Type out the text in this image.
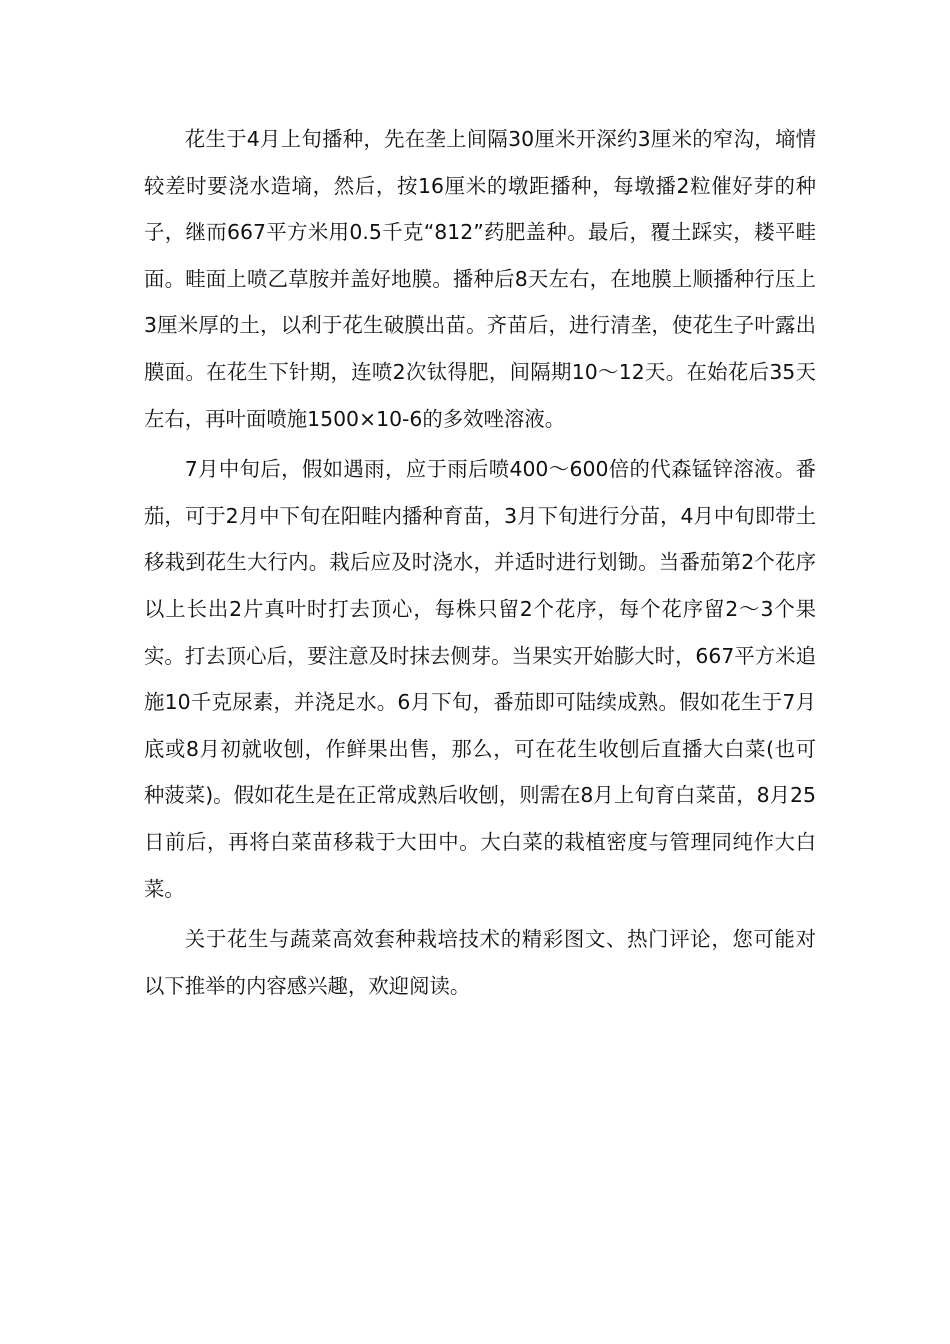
花生于4月上旬播种，先在垄上间隔30厘米开深约3厘米的窄沟，墒情较差时要浇水造墒，然后，按16厘米的墩距播种，每墩播2粒催好芽的种子，继而667平方米用0.5千克“812”药肥盖种。最后，覆土踩实，耧平畦面。畦面上喷乙草胺并盖好地膜。播种后8天左右，在地膜上顺播种行压上3厘米厚的土，以利于花生破膜出苗。齐苗后，进行清垄，使花生子叶露出膜面。在花生下针期，连喷2次钛得肥，间隔期10～12天。在始花后35天左右，再叶面喷施1500×10-6的多效唑溶液。

7月中旬后，假如遇雨，应于雨后喷400～600倍的代森锰锌溶液。番茄，可于2月中下旬在阳畦内播种育苗，3月下旬进行分苗，4月中旬即带土移栽到花生大行内。栽后应及时浇水，并适时进行划锄。当番茄第2个花序以上长出2片真叶时打去顶心，每株只留2个花序，每个花序留2～3个果实。打去顶心后，要注意及时抹去侧芽。当果实开始膨大时，667平方米追施10千克尿素，并浇足水。6月下旬，番茄即可陆续成熟。假如花生于7月底或8月初就收刨，作鲜果出售，那么，可在花生收刨后直播大白菜(也可种菠菜)。假如花生是在正常成熟后收刨，则需在8月上旬育白菜苗，8月25日前后，再将白菜苗移栽于大田中。大白菜的栽植密度与管理同纯作大白菜。

关于花生与蔬菜高效套种栽培技术的精彩图文、热门评论，您可能对以下推举的内容感兴趣，欢迎阅读。
